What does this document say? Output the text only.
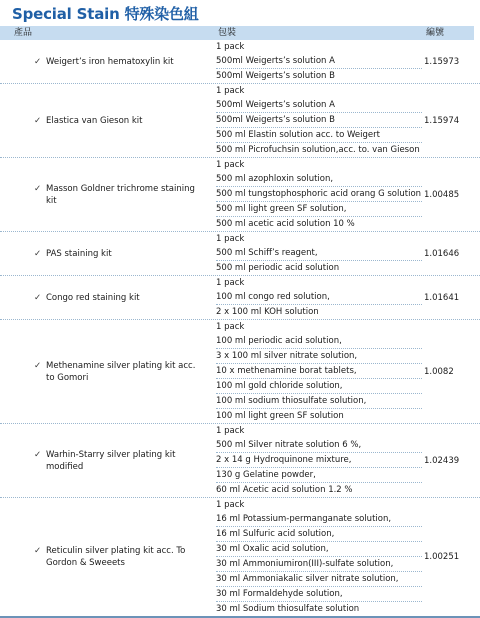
Special Stain 特殊染色組
產品	包裝	編號
✓ Weigert’s iron hematoxylin kit
1 pack
500ml Weigerts’s solution A
500ml Weigerts’s solution B
1.15973
✓ Elastica van Gieson kit
1 pack
500ml Weigerts’s solution A
500ml Weigerts’s solution B
500 ml Elastin solution acc. to Weigert
500 ml Picrofuchsin solution,acc. to. van Gieson
1.15974
✓ Masson Goldner trichrome staining kit
1 pack
500 ml azophloxin solution,
500 ml tungstophosphoric acid orang G solution
500 ml light green SF solution,
500 ml acetic acid solution 10 %
1.00485
✓ PAS staining kit
1 pack
500 ml Schiff’s reagent,
500 ml periodic acid solution
1.01646
✓ Congo red staining kit
1 pack
100 ml congo red solution,
2 x 100 ml KOH solution
1.01641
✓ Methenamine silver plating kit acc. to Gomori
1 pack
100 ml periodic acid solution,
3 x 100 ml silver nitrate solution,
10 x methenamine borat tablets,
100 ml gold chloride solution,
100 ml sodium thiosulfate solution,
100 ml light green SF solution
1.0082
✓ Warhin-Starry silver plating kit modified
1 pack
500 ml Silver nitrate solution 6 %,
2 x 14 g Hydroquinone mixture,
130 g Gelatine powder,
60 ml Acetic acid solution 1.2 %
1.02439
✓ Reticulin silver plating kit acc. To Gordon & Sweeets
1 pack
16 ml Potassium-permanganate solution,
16 ml Sulfuric acid solution,
30 ml Oxalic acid solution,
30 ml Ammoniumiron(III)-sulfate solution,
30 ml Ammoniakalic silver nitrate solution,
30 ml Formaldehyde solution,
30 ml Sodium thiosulfate solution
1.00251
